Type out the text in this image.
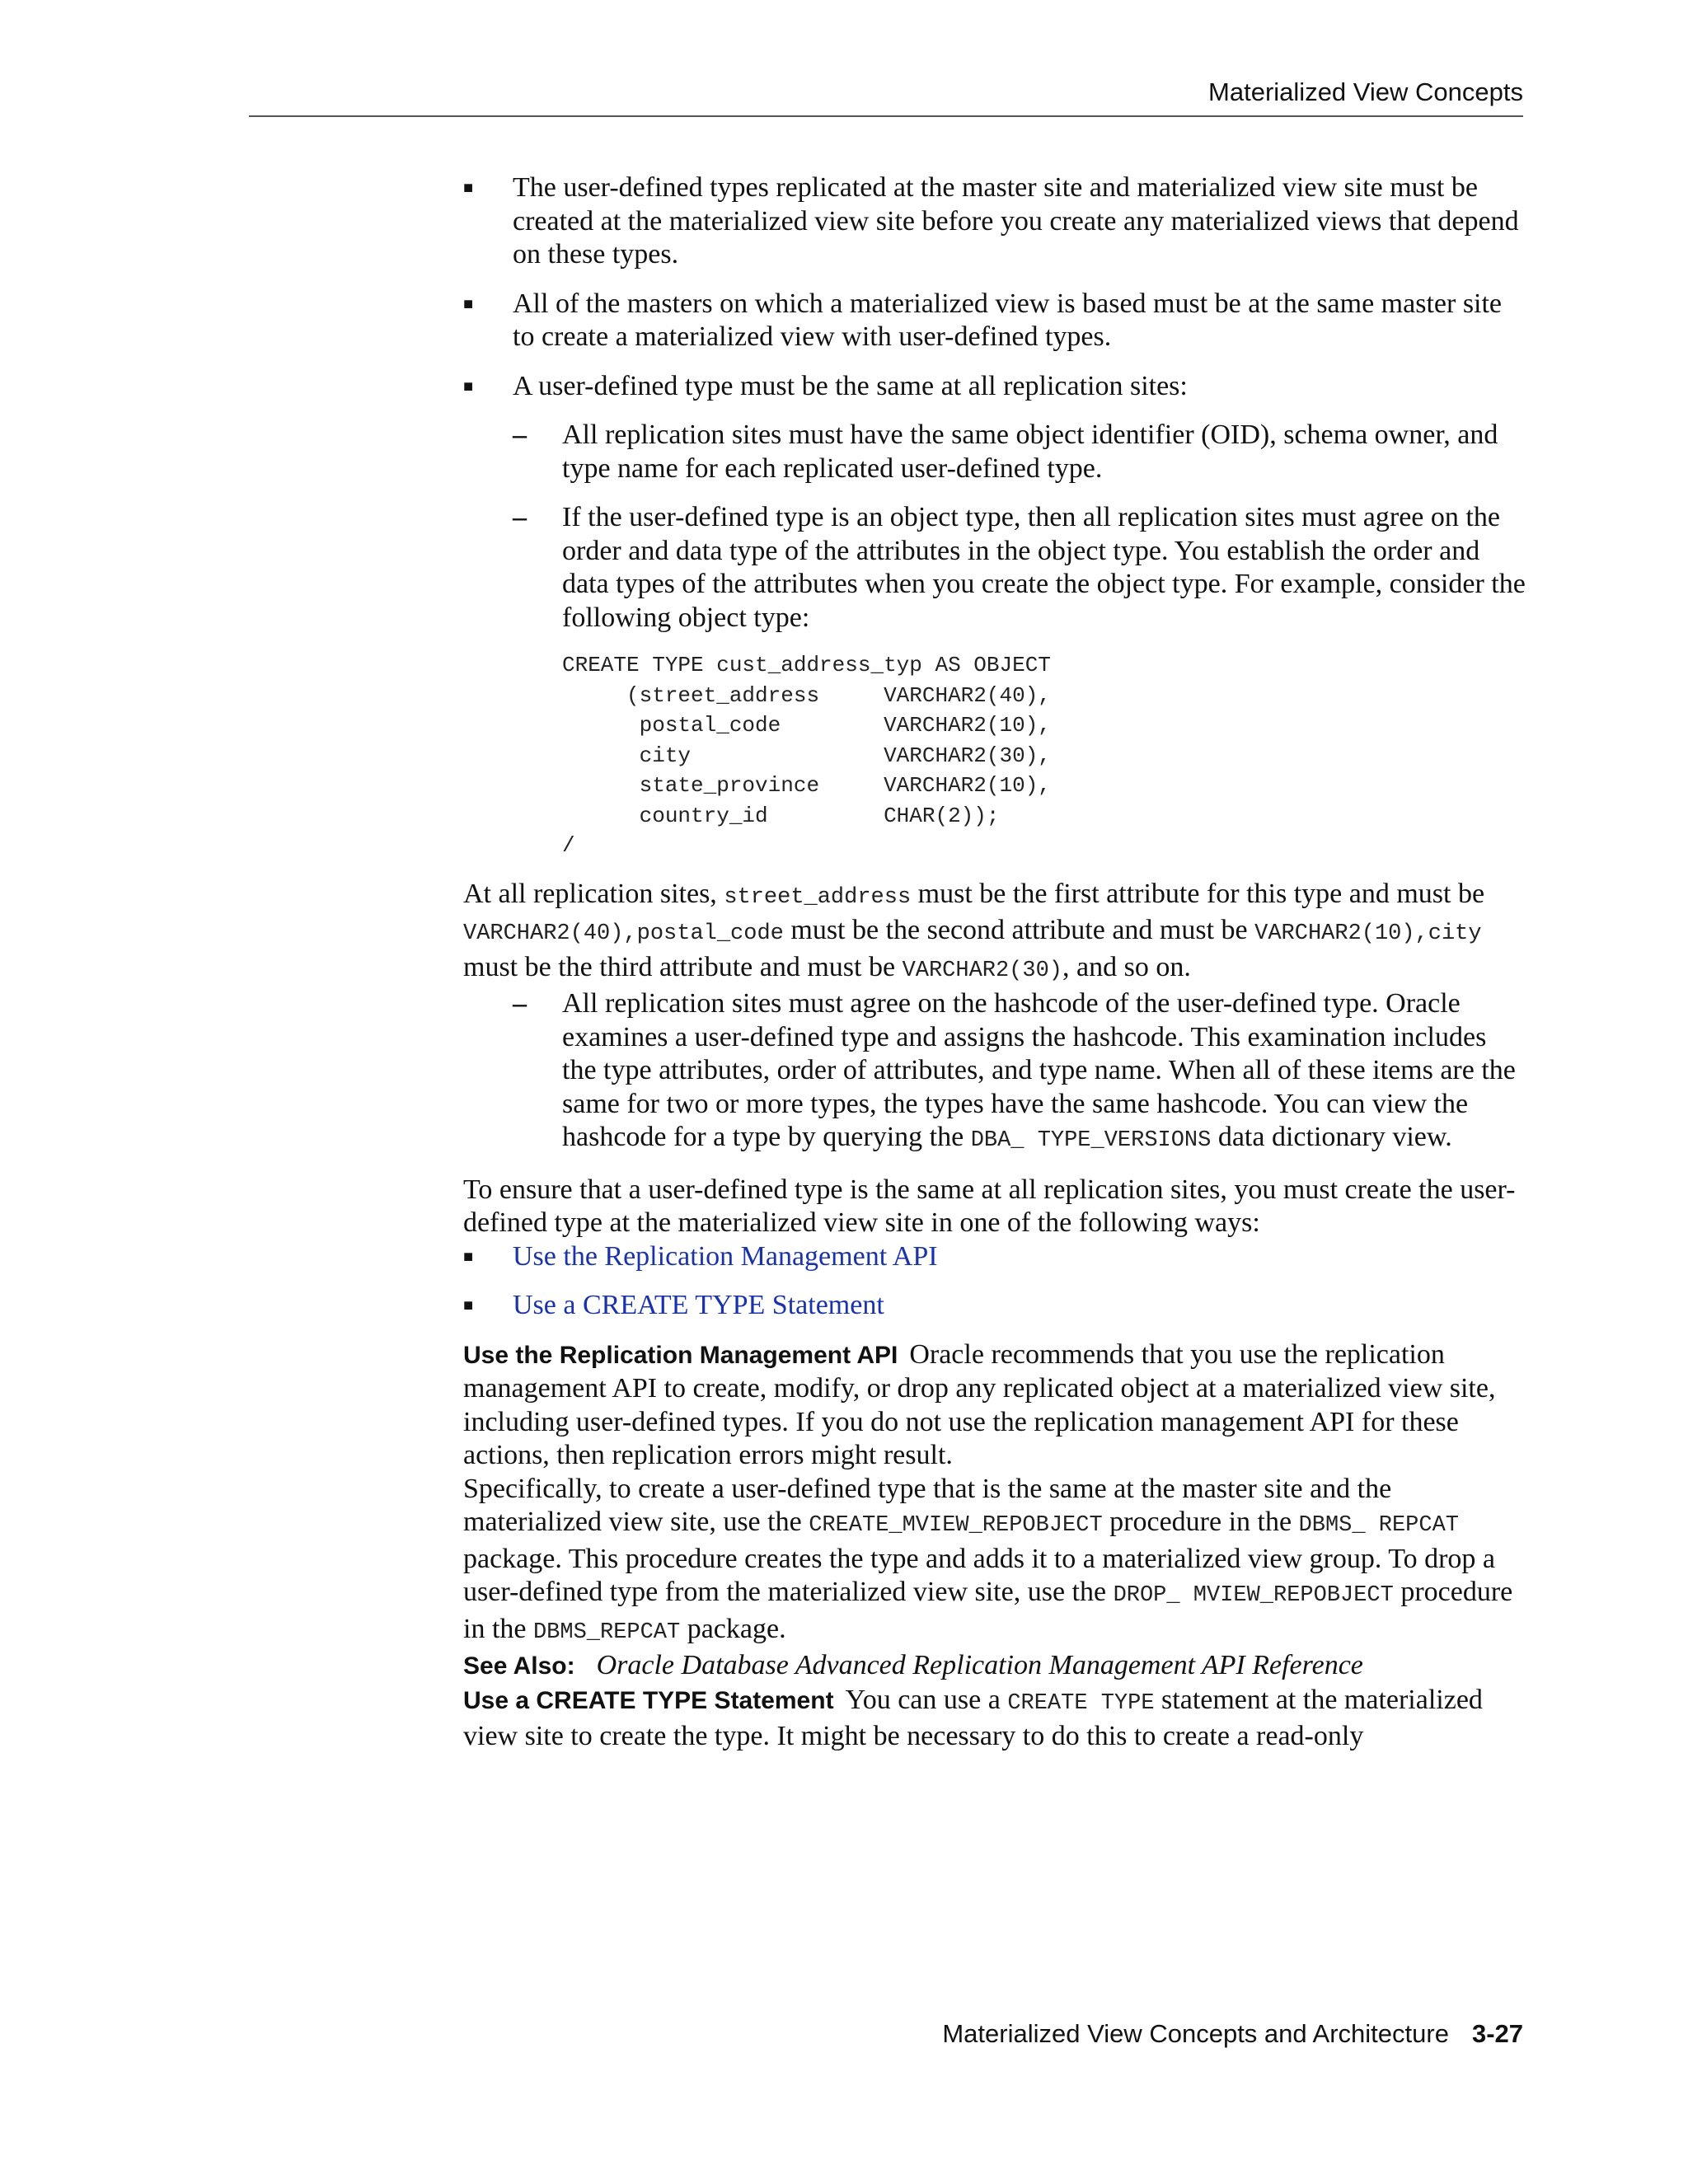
Materialized View Concepts
■ The user-defined types replicated at the master site and materialized view site must be created at the materialized view site before you create any materialized views that depend on these types.

■ All of the masters on which a materialized view is based must be at the same master site to create a materialized view with user-defined types.

■ A user-defined type must be the same at all replication sites:

– All replication sites must have the same object identifier (OID), schema owner, and type name for each replicated user-defined type.

– If the user-defined type is an object type, then all replication sites must agree on the order and data type of the attributes in the object type. You establish the order and data types of the attributes when you create the object type. For example, consider the following object type:

CREATE TYPE cust_address_typ AS OBJECT
(street_address     VARCHAR2(40),
postal_code        VARCHAR2(10),
city               VARCHAR2(30),
state_province     VARCHAR2(10),
country_id         CHAR(2));
/

At all replication sites, street_address must be the first attribute for this type and must be VARCHAR2(40),postal_code must be the second attribute and must be VARCHAR2(10),city must be the third attribute and must be VARCHAR2(30), and so on.

– All replication sites must agree on the hashcode of the user-defined type. Oracle examines a user-defined type and assigns the hashcode. This examination includes the type attributes, order of attributes, and type name. When all of these items are the same for two or more types, the types have the same hashcode. You can view the hashcode for a type by querying the DBA_ TYPE_VERSIONS data dictionary view.

To ensure that a user-defined type is the same at all replication sites, you must create the user-defined type at the materialized view site in one of the following ways:

■ Use the Replication Management API

■ Use a CREATE TYPE Statement

Use the Replication Management API Oracle recommends that you use the replication management API to create, modify, or drop any replicated object at a materialized view site, including user-defined types. If you do not use the replication management API for these actions, then replication errors might result.

Specifically, to create a user-defined type that is the same at the master site and the materialized view site, use the CREATE_MVIEW_REPOBJECT procedure in the DBMS_ REPCAT package. This procedure creates the type and adds it to a materialized view group. To drop a user-defined type from the materialized view site, use the DROP_ MVIEW_REPOBJECT procedure in the DBMS_REPCAT package.

See Also: Oracle Database Advanced Replication Management API Reference

Use a CREATE TYPE Statement You can use a CREATE TYPE statement at the materialized view site to create the type. It might be necessary to do this to create a read-only

Materialized View Concepts and Architecture 3-27
